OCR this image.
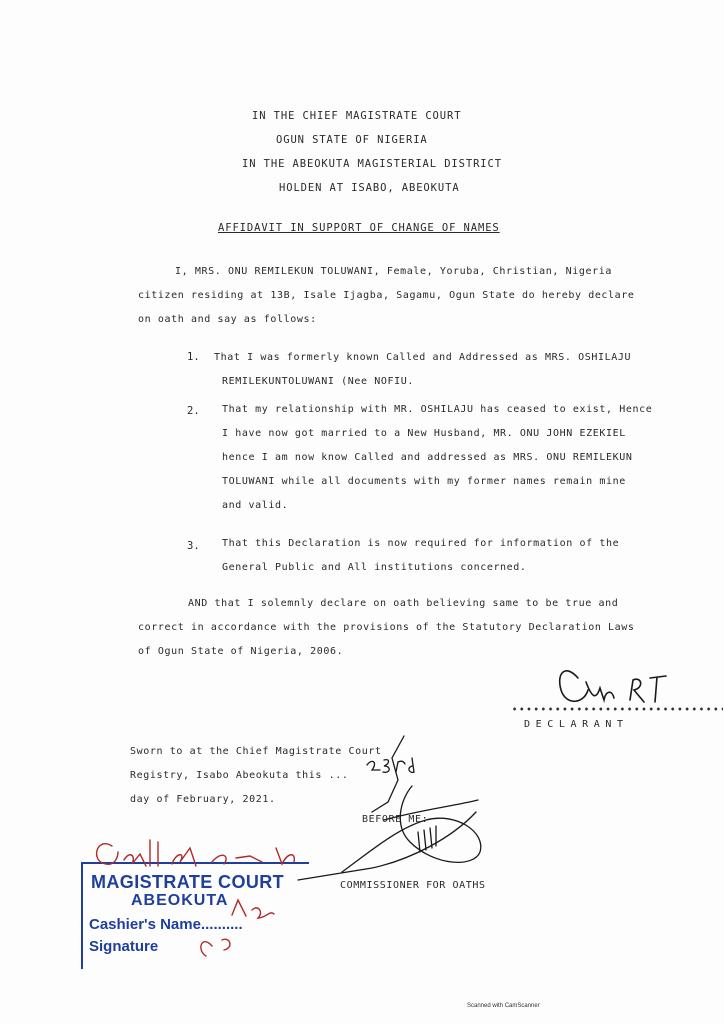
IN THE CHIEF MAGISTRATE COURT
OGUN STATE OF NIGERIA
IN THE ABEOKUTA MAGISTERIAL DISTRICT
HOLDEN AT ISABO, ABEOKUTA
AFFIDAVIT IN SUPPORT OF CHANGE OF NAMES
I, MRS. ONU REMILEKUN TOLUWANI, Female, Yoruba, Christian, Nigeria
citizen residing at 13B, Isale Ijagba, Sagamu, Ogun State do hereby declare
on oath and say as follows:
1. That I was formerly known Called and Addressed as MRS. OSHILAJU
REMILEKUNTOLUWANI (Nee NOFIU.
2. That my relationship with MR. OSHILAJU has ceased to exist, Hence
I have now got married to a New Husband, MR. ONU JOHN EZEKIEL
hence I am now know Called and addressed as MRS. ONU REMILEKUN
TOLUWANI while all documents with my former names remain mine
and valid.
3. That this Declaration is now required for information of the
General Public and All institutions concerned.
AND that I solemnly declare on oath believing same to be true and
correct in accordance with the provisions of the Statutory Declaration Laws
of Ogun State of Nigeria, 2006.
DECLARANT
Sworn to at the Chief Magistrate Court
Registry, Isabo Abeokuta this ...
day of February, 2021.
BEFORE ME:
COMMISSIONER FOR OATHS
MAGISTRATE COURT
ABEOKUTA
Cashier's Name..........
Signature
Scanned with CamScanner
